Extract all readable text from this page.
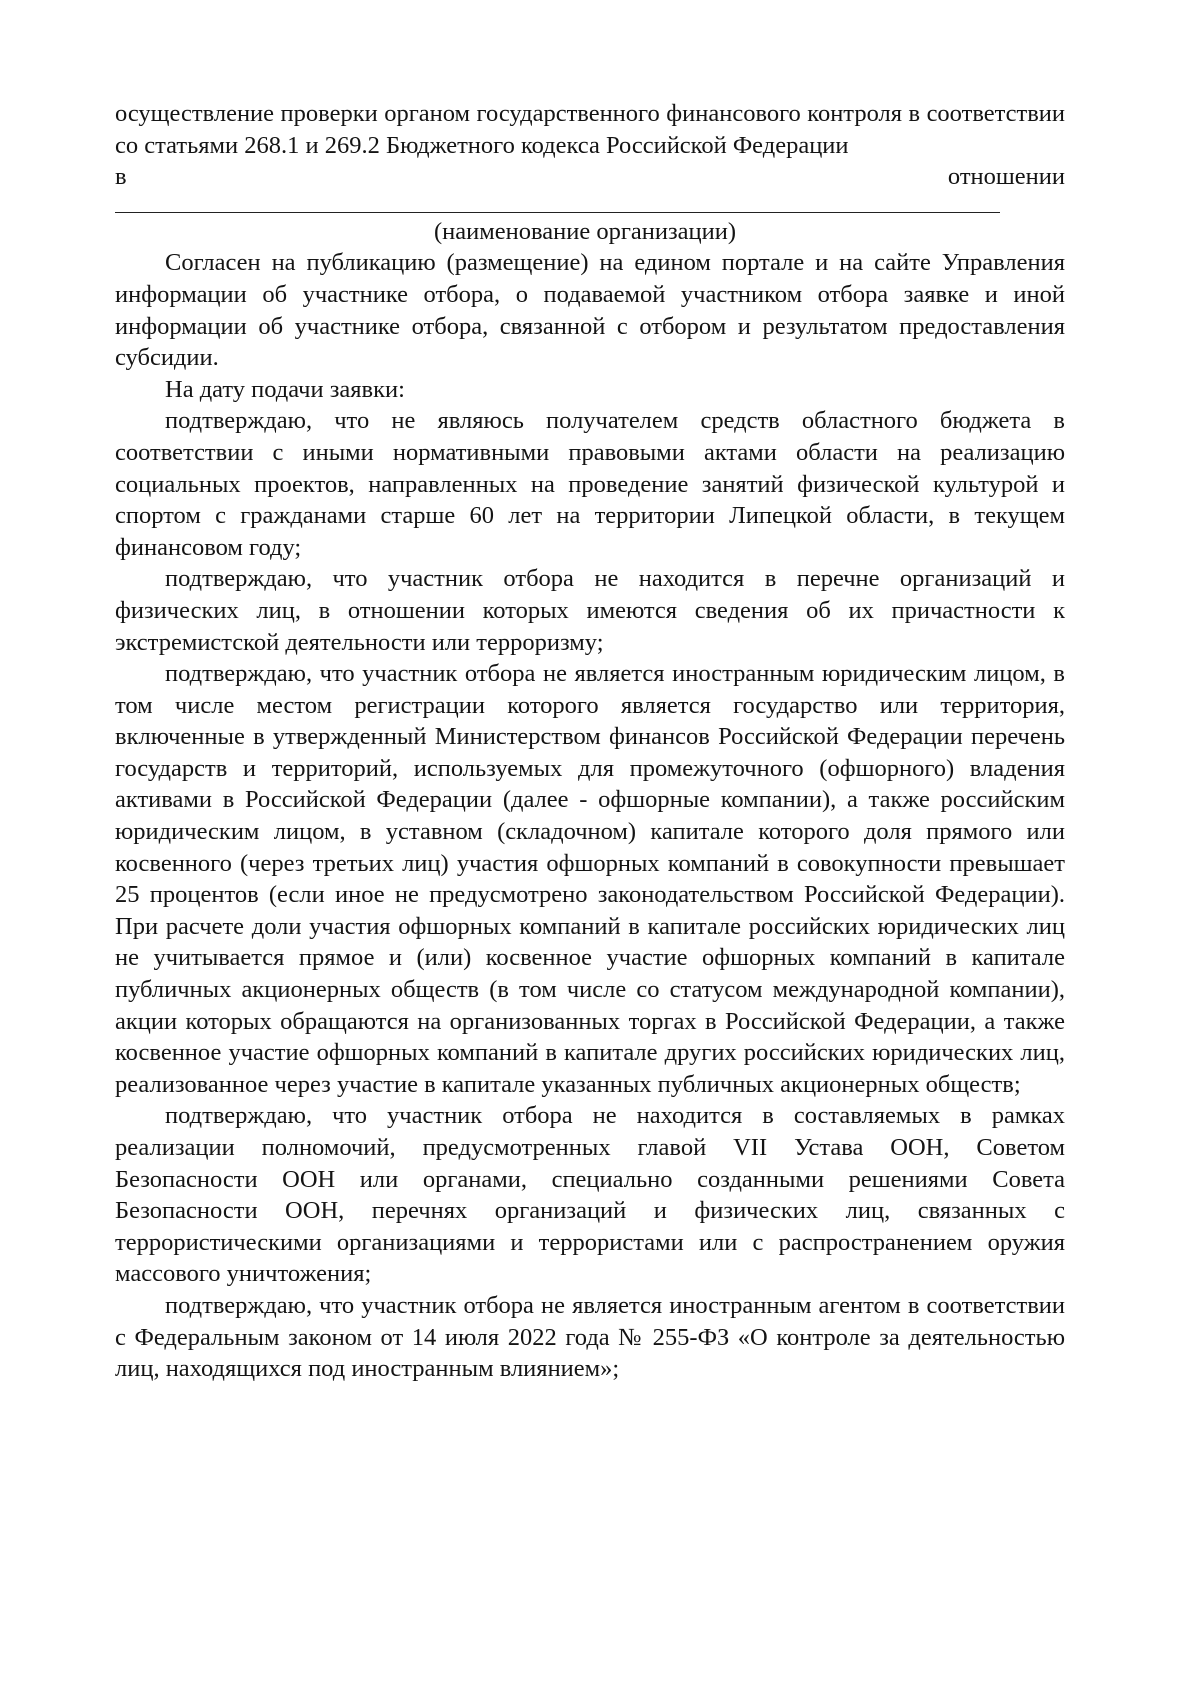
осуществление проверки органом государственного финансового контроля в соответствии со статьями 268.1 и 269.2 Бюджетного кодекса Российской Федерации

в	отношении

(наименование организации)

Согласен на публикацию (размещение) на едином портале и на сайте Управления информации об участнике отбора, о подаваемой участником отбора заявке и иной информации об участнике отбора, связанной с отбором и результатом предоставления субсидии.

На дату подачи заявки:

подтверждаю, что не являюсь получателем средств областного бюджета в соответствии с иными нормативными правовыми актами области на реализацию социальных проектов, направленных на проведение занятий физической культурой и спортом с гражданами старше 60 лет на территории Липецкой области, в текущем финансовом году;

подтверждаю, что участник отбора не находится в перечне организаций и физических лиц, в отношении которых имеются сведения об их причастности к экстремистской деятельности или терроризму;

подтверждаю, что участник отбора не является иностранным юридическим лицом, в том числе местом регистрации которого является государство или территория, включенные в утвержденный Министерством финансов Российской Федерации перечень государств и территорий, используемых для промежуточного (офшорного) владения активами в Российской Федерации (далее - офшорные компании), а также российским юридическим лицом, в уставном (складочном) капитале которого доля прямого или косвенного (через третьих лиц) участия офшорных компаний в совокупности превышает 25 процентов (если иное не предусмотрено законодательством Российской Федерации). При расчете доли участия офшорных компаний в капитале российских юридических лиц не учитывается прямое и (или) косвенное участие офшорных компаний в капитале публичных акционерных обществ (в том числе со статусом международной компании), акции которых обращаются на организованных торгах в Российской Федерации, а также косвенное участие офшорных компаний в капитале других российских юридических лиц, реализованное через участие в капитале указанных публичных акционерных обществ;

подтверждаю, что участник отбора не находится в составляемых в рамках реализации полномочий, предусмотренных главой VII Устава ООН, Советом Безопасности ООН или органами, специально созданными решениями Совета Безопасности ООН, перечнях организаций и физических лиц, связанных с террористическими организациями и террористами или с распространением оружия массового уничтожения;

подтверждаю, что участник отбора не является иностранным агентом в соответствии с Федеральным законом от 14 июля 2022 года № 255-ФЗ «О контроле за деятельностью лиц, находящихся под иностранным влиянием»;
